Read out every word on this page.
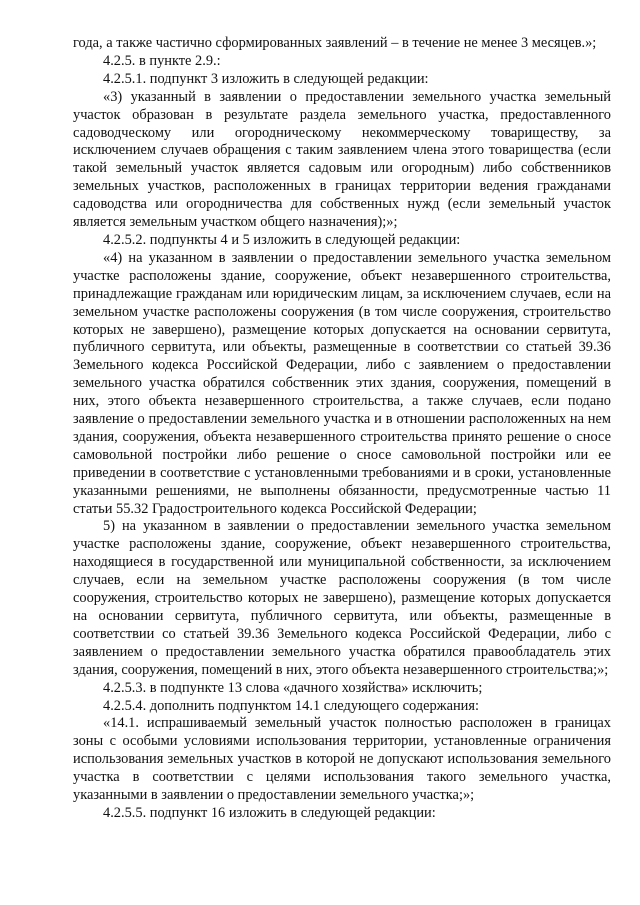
года, а также частично сформированных заявлений – в течение не менее 3 месяцев.»;

4.2.5. в пункте 2.9.:

4.2.5.1. подпункт 3 изложить в следующей редакции:

«3) указанный в заявлении о предоставлении земельного участка земельный участок образован в результате раздела земельного участка, предоставленного садоводческому или огородническому некоммерческому товариществу, за исключением случаев обращения с таким заявлением члена этого товарищества (если такой земельный участок является садовым или огородным) либо собственников земельных участков, расположенных в границах территории ведения гражданами садоводства или огородничества для собственных нужд (если земельный участок является земельным участком общего назначения);»;

4.2.5.2. подпункты 4 и 5 изложить в следующей редакции:

«4) на указанном в заявлении о предоставлении земельного участка земельном участке расположены здание, сооружение, объект незавершенного строительства, принадлежащие гражданам или юридическим лицам, за исключением случаев, если на земельном участке расположены сооружения (в том числе сооружения, строительство которых не завершено), размещение которых допускается на основании сервитута, публичного сервитута, или объекты, размещенные в соответствии со статьей 39.36 Земельного кодекса Российской Федерации, либо с заявлением о предоставлении земельного участка обратился собственник этих здания, сооружения, помещений в них, этого объекта незавершенного строительства, а также случаев, если подано заявление о предоставлении земельного участка и в отношении расположенных на нем здания, сооружения, объекта незавершенного строительства принято решение о сносе самовольной постройки либо решение о сносе самовольной постройки или ее приведении в соответствие с установленными требованиями и в сроки, установленные указанными решениями, не выполнены обязанности, предусмотренные частью 11 статьи 55.32 Градостроительного кодекса Российской Федерации;

5) на указанном в заявлении о предоставлении земельного участка земельном участке расположены здание, сооружение, объект незавершенного строительства, находящиеся в государственной или муниципальной собственности, за исключением случаев, если на земельном участке расположены сооружения (в том числе сооружения, строительство которых не завершено), размещение которых допускается на основании сервитута, публичного сервитута, или объекты, размещенные в соответствии со статьей 39.36 Земельного кодекса Российской Федерации, либо с заявлением о предоставлении земельного участка обратился правообладатель этих здания, сооружения, помещений в них, этого объекта незавершенного строительства;»;

4.2.5.3. в подпункте 13 слова «дачного хозяйства» исключить;

4.2.5.4. дополнить подпунктом 14.1 следующего содержания:

«14.1. испрашиваемый земельный участок полностью расположен в границах зоны с особыми условиями использования территории, установленные ограничения использования земельных участков в которой не допускают использования земельного участка в соответствии с целями использования такого земельного участка, указанными в заявлении о предоставлении земельного участка;»;

4.2.5.5. подпункт 16 изложить в следующей редакции:
